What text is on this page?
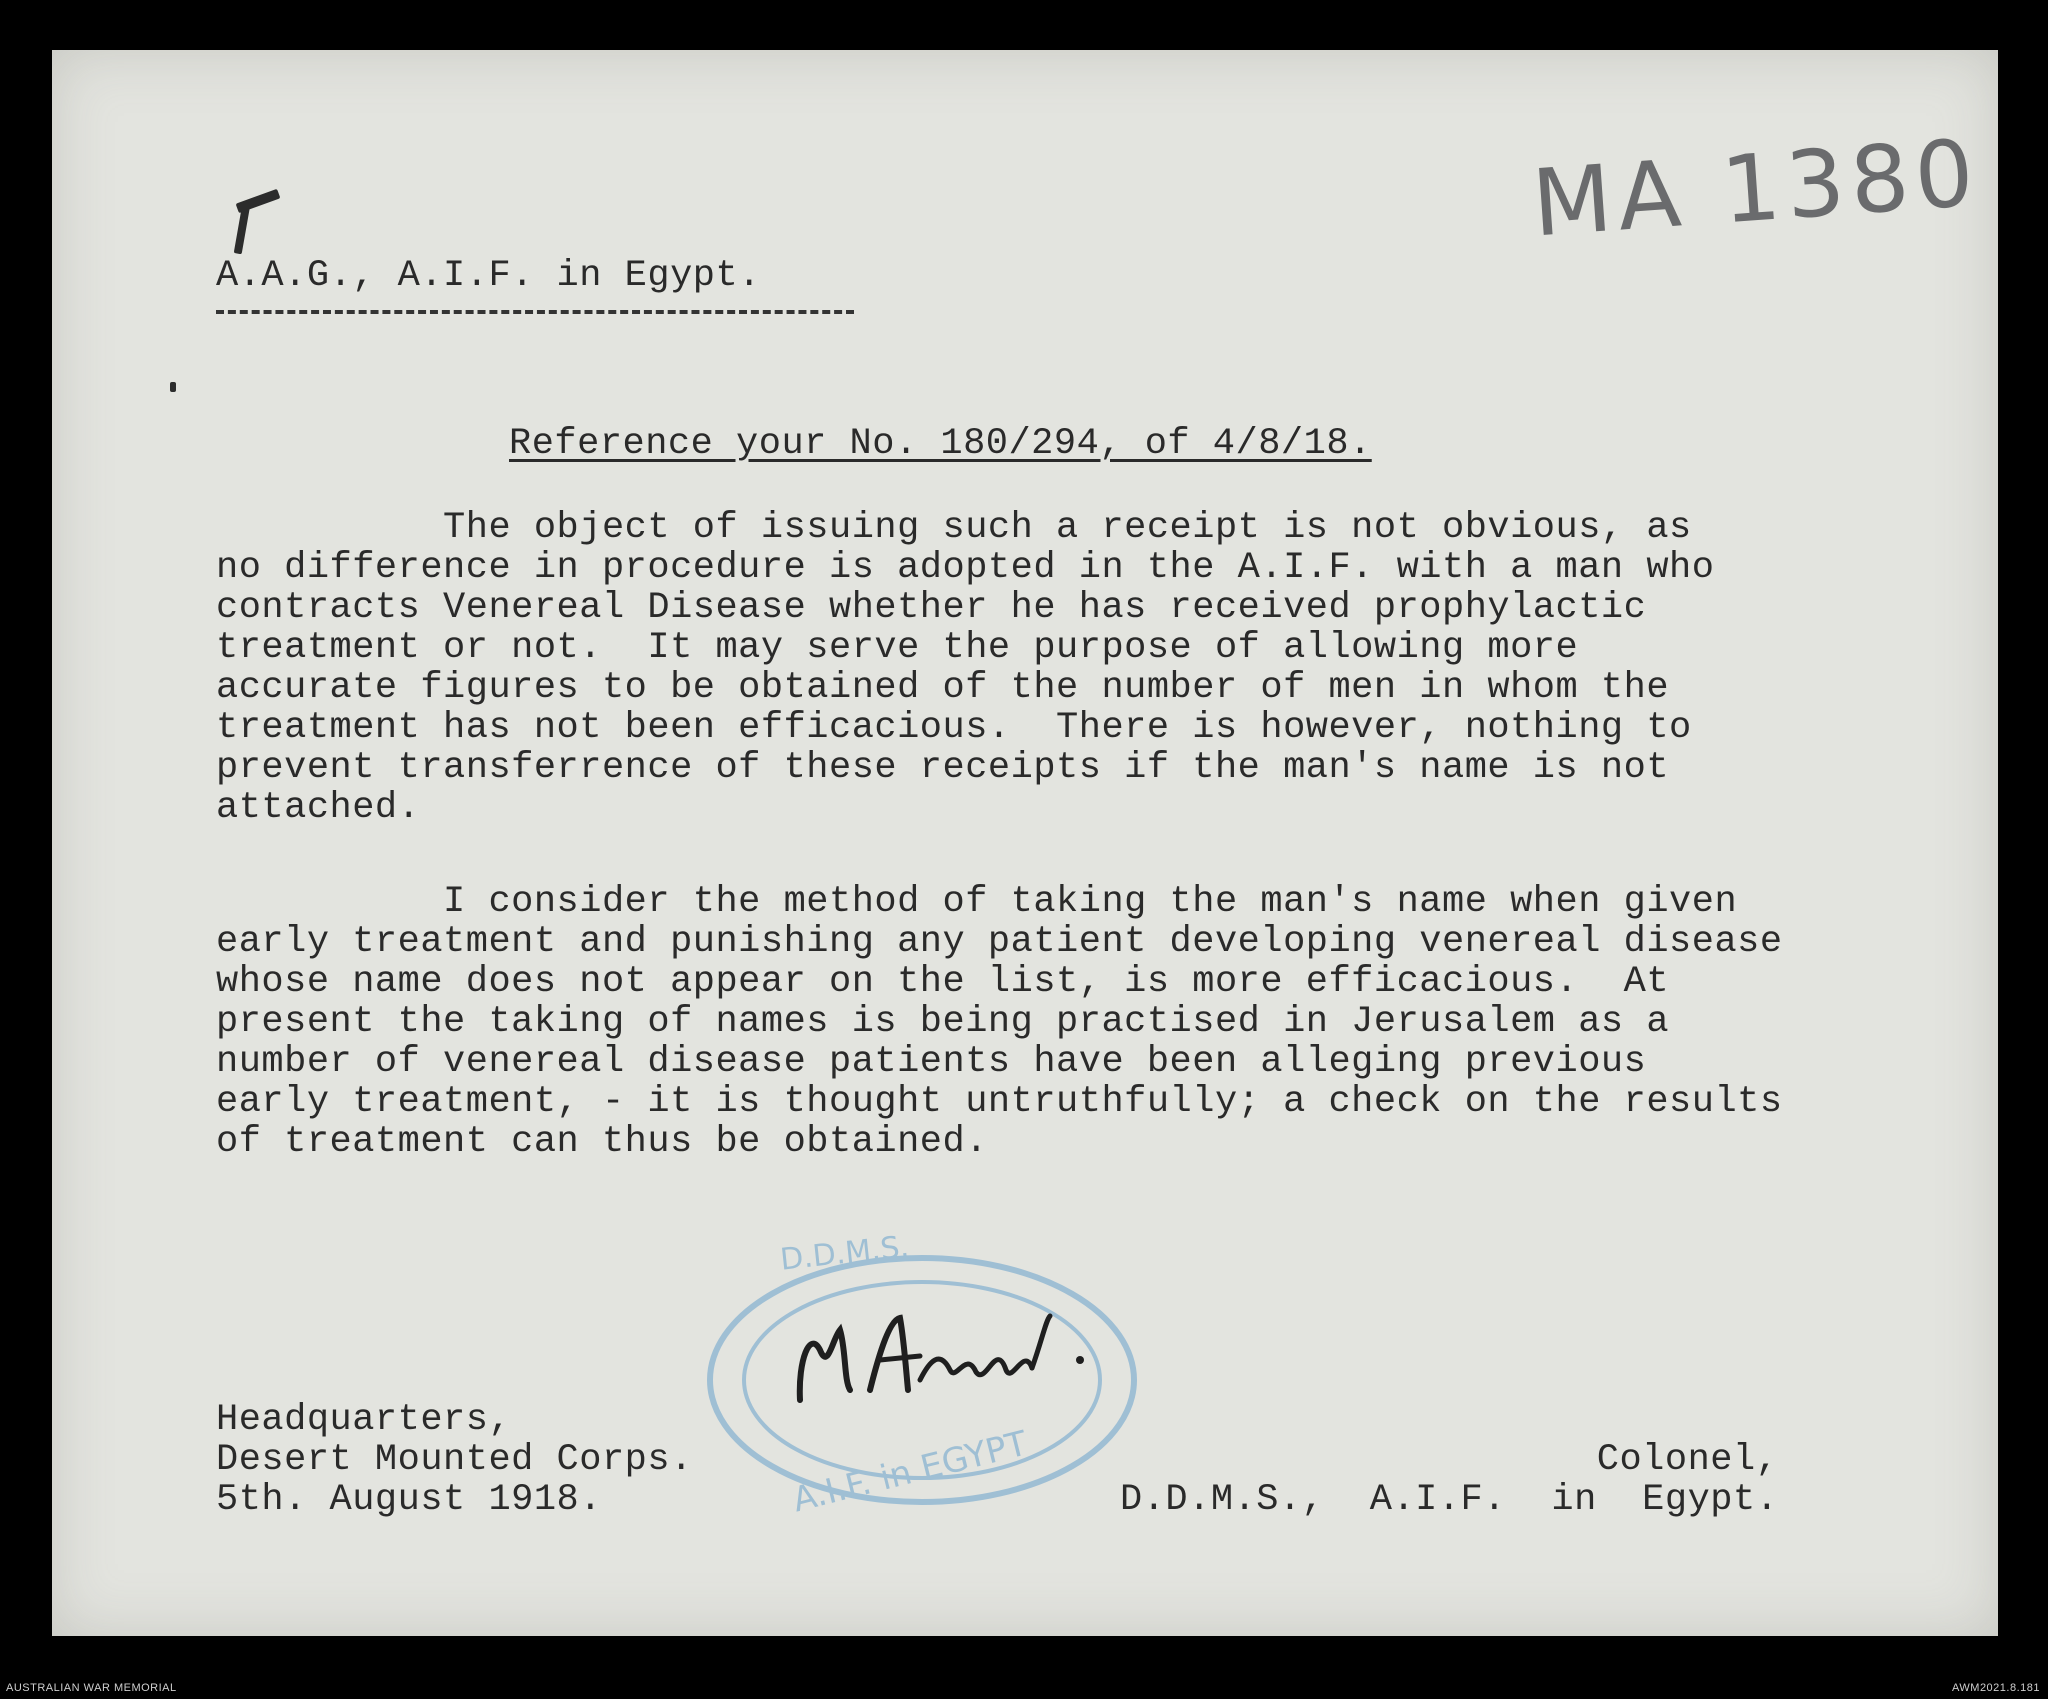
MA 1380

A.A.G., A.I.F. in Egypt.
Reference your No. 180/294, of 4/8/18.
The object of issuing such a receipt is not obvious, as
no difference in procedure is adopted in the A.I.F. with a man who
contracts Venereal Disease whether he has received prophylactic
treatment or not.  It may serve the purpose of allowing more
accurate figures to be obtained of the number of men in whom the
treatment has not been efficacious.  There is however, nothing to
prevent transferrence of these receipts if the man's name is not
attached.
I consider the method of taking the man's name when given
early treatment and punishing any patient developing venereal disease
whose name does not appear on the list, is more efficacious.  At
present the taking of names is being practised in Jerusalem as a
number of venereal disease patients have been alleging previous
early treatment, - it is thought untruthfully; a check on the results
of treatment can thus be obtained.
D.D.M.S.
A.I.F. in EGYPT
Headquarters,
Desert Mounted Corps.
5th. August 1918.
Colonel,
D.D.M.S.,  A.I.F.  in  Egypt.
AUSTRALIAN WAR MEMORIAL	AWM2021.8.181
